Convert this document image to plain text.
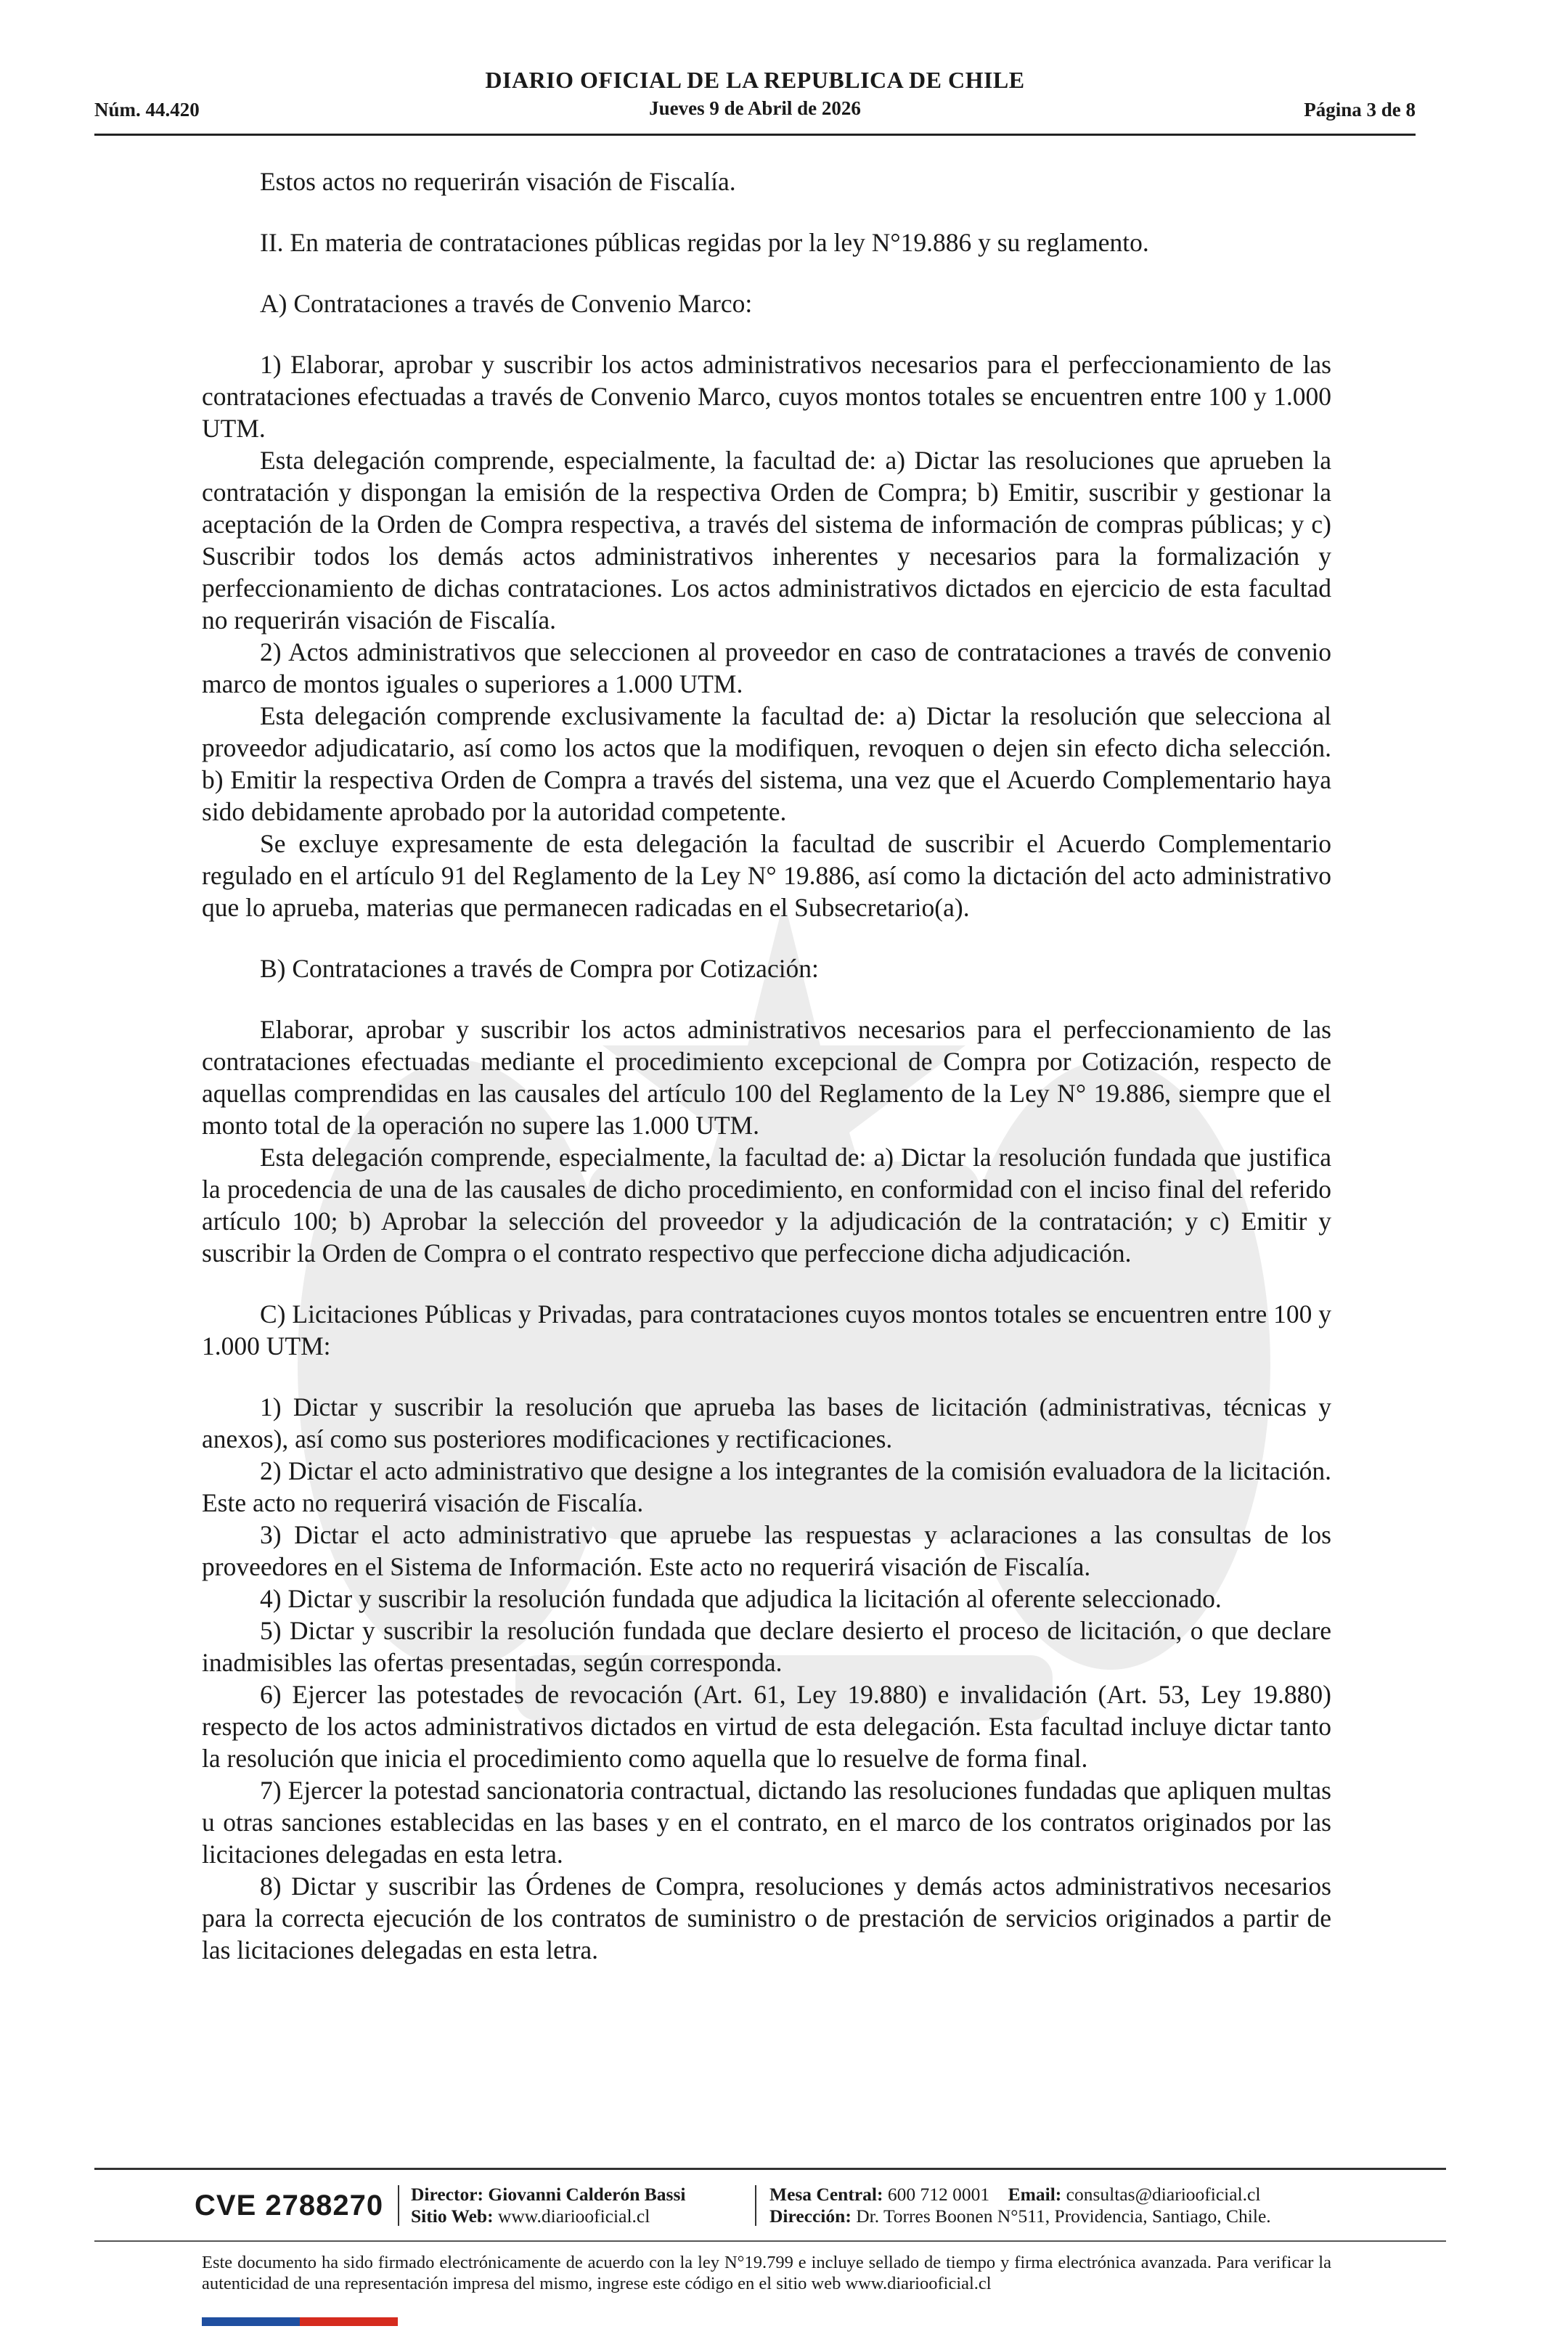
DIARIO OFICIAL DE LA REPUBLICA DE CHILE
Jueves 9 de Abril de 2026
Núm. 44.420	Página 3 de 8

Estos actos no requerirán visación de Fiscalía.

II. En materia de contrataciones públicas regidas por la ley N°19.886 y su reglamento.

A) Contrataciones a través de Convenio Marco:

1) Elaborar, aprobar y suscribir los actos administrativos necesarios para el perfeccionamiento de las contrataciones efectuadas a través de Convenio Marco, cuyos montos totales se encuentren entre 100 y 1.000 UTM.

Esta delegación comprende, especialmente, la facultad de: a) Dictar las resoluciones que aprueben la contratación y dispongan la emisión de la respectiva Orden de Compra; b) Emitir, suscribir y gestionar la aceptación de la Orden de Compra respectiva, a través del sistema de información de compras públicas; y c) Suscribir todos los demás actos administrativos inherentes y necesarios para la formalización y perfeccionamiento de dichas contrataciones. Los actos administrativos dictados en ejercicio de esta facultad no requerirán visación de Fiscalía.

2) Actos administrativos que seleccionen al proveedor en caso de contrataciones a través de convenio marco de montos iguales o superiores a 1.000 UTM.

Esta delegación comprende exclusivamente la facultad de: a) Dictar la resolución que selecciona al proveedor adjudicatario, así como los actos que la modifiquen, revoquen o dejen sin efecto dicha selección. b) Emitir la respectiva Orden de Compra a través del sistema, una vez que el Acuerdo Complementario haya sido debidamente aprobado por la autoridad competente.

Se excluye expresamente de esta delegación la facultad de suscribir el Acuerdo Complementario regulado en el artículo 91 del Reglamento de la Ley N° 19.886, así como la dictación del acto administrativo que lo aprueba, materias que permanecen radicadas en el Subsecretario(a).

B) Contrataciones a través de Compra por Cotización:

Elaborar, aprobar y suscribir los actos administrativos necesarios para el perfeccionamiento de las contrataciones efectuadas mediante el procedimiento excepcional de Compra por Cotización, respecto de aquellas comprendidas en las causales del artículo 100 del Reglamento de la Ley N° 19.886, siempre que el monto total de la operación no supere las 1.000 UTM.

Esta delegación comprende, especialmente, la facultad de: a) Dictar la resolución fundada que justifica la procedencia de una de las causales de dicho procedimiento, en conformidad con el inciso final del referido artículo 100; b) Aprobar la selección del proveedor y la adjudicación de la contratación; y c) Emitir y suscribir la Orden de Compra o el contrato respectivo que perfeccione dicha adjudicación.

C) Licitaciones Públicas y Privadas, para contrataciones cuyos montos totales se encuentren entre 100 y 1.000 UTM:

1) Dictar y suscribir la resolución que aprueba las bases de licitación (administrativas, técnicas y anexos), así como sus posteriores modificaciones y rectificaciones.

2) Dictar el acto administrativo que designe a los integrantes de la comisión evaluadora de la licitación. Este acto no requerirá visación de Fiscalía.

3) Dictar el acto administrativo que apruebe las respuestas y aclaraciones a las consultas de los proveedores en el Sistema de Información. Este acto no requerirá visación de Fiscalía.

4) Dictar y suscribir la resolución fundada que adjudica la licitación al oferente seleccionado.

5) Dictar y suscribir la resolución fundada que declare desierto el proceso de licitación, o que declare inadmisibles las ofertas presentadas, según corresponda.

6) Ejercer las potestades de revocación (Art. 61, Ley 19.880) e invalidación (Art. 53, Ley 19.880) respecto de los actos administrativos dictados en virtud de esta delegación. Esta facultad incluye dictar tanto la resolución que inicia el procedimiento como aquella que lo resuelve de forma final.

7) Ejercer la potestad sancionatoria contractual, dictando las resoluciones fundadas que apliquen multas u otras sanciones establecidas en las bases y en el contrato, en el marco de los contratos originados por las licitaciones delegadas en esta letra.

8) Dictar y suscribir las Órdenes de Compra, resoluciones y demás actos administrativos necesarios para la correcta ejecución de los contratos de suministro o de prestación de servicios originados a partir de las licitaciones delegadas en esta letra.

CVE 2788270 Director: Giovanni Calderón Bassi
Sitio Web: www.diariooficial.cl
Mesa Central: 600 712 0001 Email: consultas@diariooficial.cl
Dirección: Dr. Torres Boonen N°511, Providencia, Santiago, Chile.
Este documento ha sido firmado electrónicamente de acuerdo con la ley N°19.799 e incluye sellado de tiempo y firma electrónica avanzada. Para verificar la autenticidad de una representación impresa del mismo, ingrese este código en el sitio web www.diariooficial.cl
